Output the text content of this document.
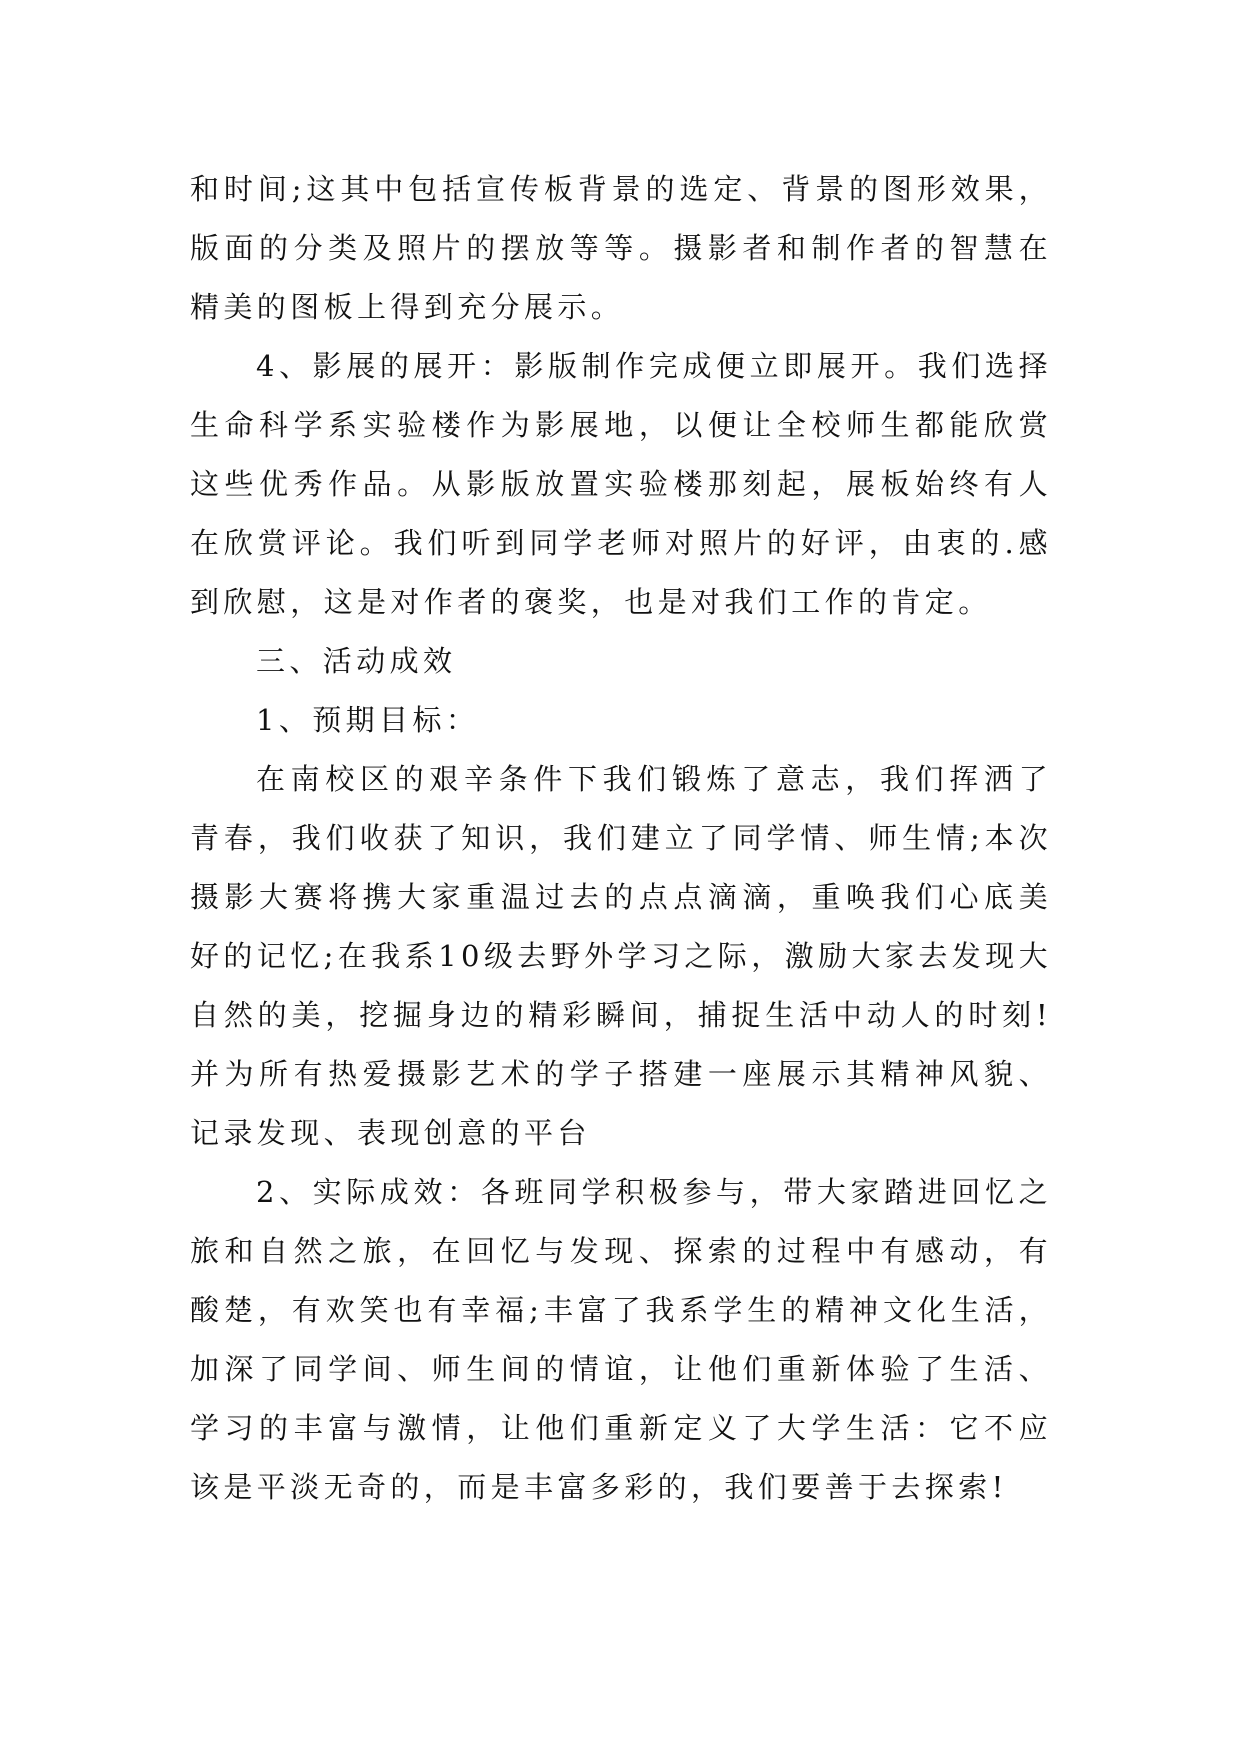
和时间;这其中包括宣传板背景的选定、背景的图形效果，版面的分类及照片的摆放等等。摄影者和制作者的智慧在精美的图板上得到充分展示。

4、影展的展开：影版制作完成便立即展开。我们选择生命科学系实验楼作为影展地，以便让全校师生都能欣赏这些优秀作品。从影版放置实验楼那刻起，展板始终有人在欣赏评论。我们听到同学老师对照片的好评，由衷的.感到欣慰，这是对作者的褒奖，也是对我们工作的肯定。

三、活动成效

1、预期目标：

在南校区的艰辛条件下我们锻炼了意志，我们挥洒了青春，我们收获了知识，我们建立了同学情、师生情;本次摄影大赛将携大家重温过去的点点滴滴，重唤我们心底美好的记忆;在我系10级去野外学习之际，激励大家去发现大自然的美，挖掘身边的精彩瞬间，捕捉生活中动人的时刻!并为所有热爱摄影艺术的学子搭建一座展示其精神风貌、记录发现、表现创意的平台

2、实际成效：各班同学积极参与，带大家踏进回忆之旅和自然之旅，在回忆与发现、探索的过程中有感动，有酸楚，有欢笑也有幸福;丰富了我系学生的精神文化生活，加深了同学间、师生间的情谊，让他们重新体验了生活、学习的丰富与激情，让他们重新定义了大学生活：它不应该是平淡无奇的，而是丰富多彩的，我们要善于去探索!
